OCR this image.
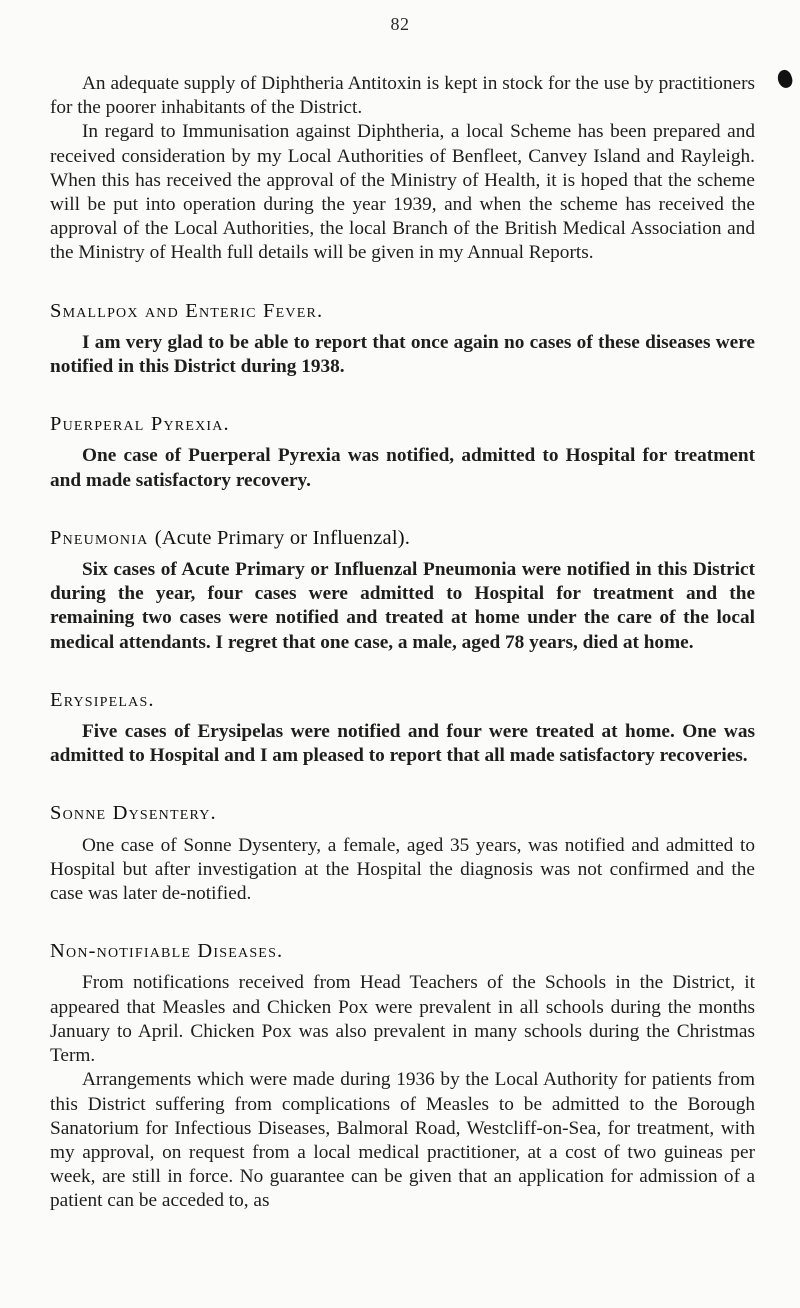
82

An adequate supply of Diphtheria Antitoxin is kept in stock for the use by practitioners for the poorer inhabitants of the District.

In regard to Immunisation against Diphtheria, a local Scheme has been prepared and received consideration by my Local Authorities of Benfleet, Canvey Island and Rayleigh. When this has received the approval of the Ministry of Health, it is hoped that the scheme will be put into operation during the year 1939, and when the scheme has received the approval of the Local Authorities, the local Branch of the British Medical Association and the Ministry of Health full details will be given in my Annual Reports.

Smallpox and Enteric Fever.

I am very glad to be able to report that once again no cases of these diseases were notified in this District during 1938.

Puerperal Pyrexia.

One case of Puerperal Pyrexia was notified, admitted to Hospital for treatment and made satisfactory recovery.

Pneumonia (Acute Primary or Influenzal).

Six cases of Acute Primary or Influenzal Pneumonia were notified in this District during the year, four cases were admitted to Hospital for treatment and the remaining two cases were notified and treated at home under the care of the local medical attendants. I regret that one case, a male, aged 78 years, died at home.

Erysipelas.

Five cases of Erysipelas were notified and four were treated at home. One was admitted to Hospital and I am pleased to report that all made satisfactory recoveries.

Sonne Dysentery.

One case of Sonne Dysentery, a female, aged 35 years, was notified and admitted to Hospital but after investigation at the Hospital the diagnosis was not confirmed and the case was later de-notified.

Non-notifiable Diseases.

From notifications received from Head Teachers of the Schools in the District, it appeared that Measles and Chicken Pox were prevalent in all schools during the months January to April. Chicken Pox was also prevalent in many schools during the Christmas Term.

Arrangements which were made during 1936 by the Local Authority for patients from this District suffering from complications of Measles to be admitted to the Borough Sanatorium for Infectious Diseases, Balmoral Road, Westcliff-on-Sea, for treatment, with my approval, on request from a local medical practitioner, at a cost of two guineas per week, are still in force. No guarantee can be given that an application for admission of a patient can be acceded to, as
